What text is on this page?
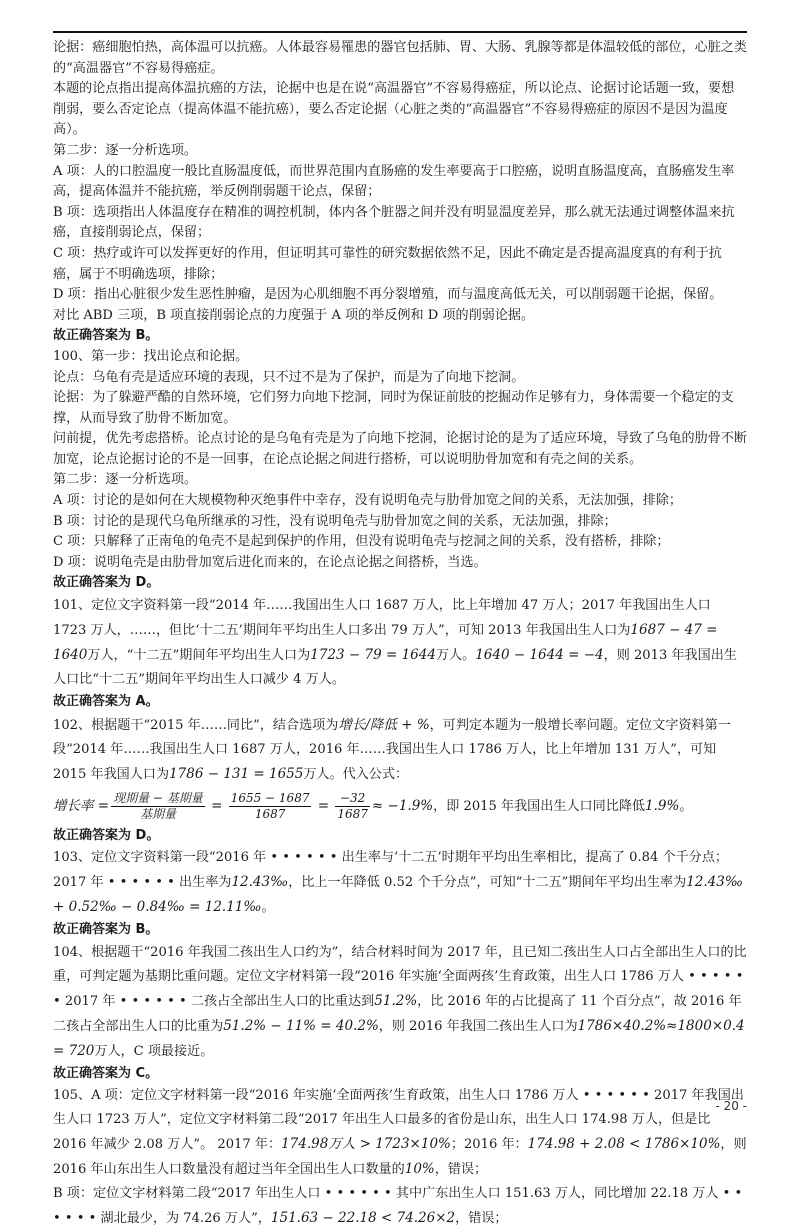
论据：癌细胞怕热，高体温可以抗癌。人体最容易罹患的器官包括肺、胃、大肠、乳腺等都是体温较低的部位，心脏之类的“高温器官”不容易得癌症。

本题的论点指出提高体温抗癌的方法，论据中也是在说“高温器官”不容易得癌症，所以论点、论据讨论话题一致，要想削弱，要么否定论点（提高体温不能抗癌），要么否定论据（心脏之类的“高温器官”不容易得癌症的原因不是因为温度高）。

第二步：逐一分析选项。

A 项：人的口腔温度一般比直肠温度低，而世界范围内直肠癌的发生率要高于口腔癌，说明直肠温度高，直肠癌发生率高，提高体温并不能抗癌，举反例削弱题干论点，保留；

B 项：选项指出人体温度存在精准的调控机制，体内各个脏器之间并没有明显温度差异，那么就无法通过调整体温来抗癌，直接削弱论点，保留；

C 项：热疗或许可以发挥更好的作用，但证明其可靠性的研究数据依然不足，因此不确定是否提高温度真的有利于抗癌，属于不明确选项，排除；

D 项：指出心脏很少发生恶性肿瘤，是因为心肌细胞不再分裂增殖，而与温度高低无关，可以削弱题干论据，保留。

对比 ABD 三项，B 项直接削弱论点的力度强于 A 项的举反例和 D 项的削弱论据。

故正确答案为 B。

100、第一步：找出论点和论据。

论点：乌龟有壳是适应环境的表现，只不过不是为了保护，而是为了向地下挖洞。

论据：为了躲避严酷的自然环境，它们努力向地下挖洞，同时为保证前肢的挖掘动作足够有力，身体需要一个稳定的支撑，从而导致了肋骨不断加宽。

问前提，优先考虑搭桥。论点讨论的是乌龟有壳是为了向地下挖洞，论据讨论的是为了适应环境，导致了乌龟的肋骨不断加宽，论点论据讨论的不是一回事，在论点论据之间进行搭桥，可以说明肋骨加宽和有壳之间的关系。

第二步：逐一分析选项。

A 项：讨论的是如何在大规模物种灭绝事件中幸存，没有说明龟壳与肋骨加宽之间的关系，无法加强，排除；

B 项：讨论的是现代乌龟所继承的习性，没有说明龟壳与肋骨加宽之间的关系，无法加强，排除；

C 项：只解释了正南龟的龟壳不是起到保护的作用，但没有说明龟壳与挖洞之间的关系，没有搭桥，排除；

D 项：说明龟壳是由肋骨加宽后进化而来的，在论点论据之间搭桥，当选。

故正确答案为 D。

101、定位文字资料第一段“2014 年……我国出生人口 1687 万人，比上年增加 47 万人；2017 年我国出生人口 1723 万人，……，但比‘十二五’期间年平均出生人口多出 79 万人”，可知 2013 年我国出生人口为1687 − 47 = 1640万人，“十二五”期间年平均出生人口为1723 − 79 = 1644万人。1640 − 1644 = −4，则 2013 年我国出生人口比“十二五”期间年平均出生人口减少 4 万人。

故正确答案为 A。

102、根据题干“2015 年……同比”，结合选项为增长/降低 + %，可判定本题为一般增长率问题。定位文字资料第一段“2014 年……我国出生人口 1687 万人，2016 年……我国出生人口 1786 万人，比上年增加 131 万人”，可知 2015 年我国人口为1786 − 131 = 1655万人。代入公式：

增长率 = $\frac{\text{现期量 − 基期量}}{\text{基期量}} = \frac{1655 - 1687}{1687} = \frac{-32}{1687} \approx -1.9\%$，即 2015 年我国出生人口同比降低1.9%。

故正确答案为 D。

103、定位文字资料第一段“2016 年 • • • • • • 出生率与‘十二五’时期年平均出生率相比，提高了 0.84 个千分点；2017 年 • • • • • • 出生率为12.43‰，比上一年降低 0.52 个千分点”，可知“十二五”期间年平均出生率为12.43‰ + 0.52‰ − 0.84‰ = 12.11‰。

故正确答案为 B。

104、根据题干“2016 年我国二孩出生人口约为”，结合材料时间为 2017 年，且已知二孩出生人口占全部出生人口的比重，可判定题为基期比重问题。定位文字材料第一段“2016 年实施‘全面两孩’生育政策，出生人口 1786 万人 • • • • • • 2017 年 • • • • • • 二孩占全部出生人口的比重达到51.2%，比 2016 年的占比提高了 11 个百分点”，故 2016 年二孩占全部出生人口的比重为51.2% − 11% = 40.2%，则 2016 年我国二孩出生人口为1786×40.2%≈1800×0.4 = 720万人，C 项最接近。

故正确答案为 C。

105、A 项：定位文字材料第一段“2016 年实施‘全面两孩’生育政策，出生人口 1786 万人 • • • • • • 2017 年我国出生人口 1723 万人”，定位文字材料第二段“2017 年出生人口最多的省份是山东，出生人口 174.98 万人，但是比 2016 年减少 2.08 万人”。 2017 年：174.98万人 > 1723×10%；2016 年：174.98 + 2.08 < 1786×10%，则 2016 年山东出生人口数量没有超过当年全国出生人口数量的10%，错误；

B 项：定位文字材料第二段“2017 年出生人口 • • • • • • 其中广东出生人口 151.63 万人，同比增加 22.18 万人 • • • • • • 湖北最少，为 74.26 万人”，151.63 − 22.18 < 74.26×2，错误；

- 20 -
